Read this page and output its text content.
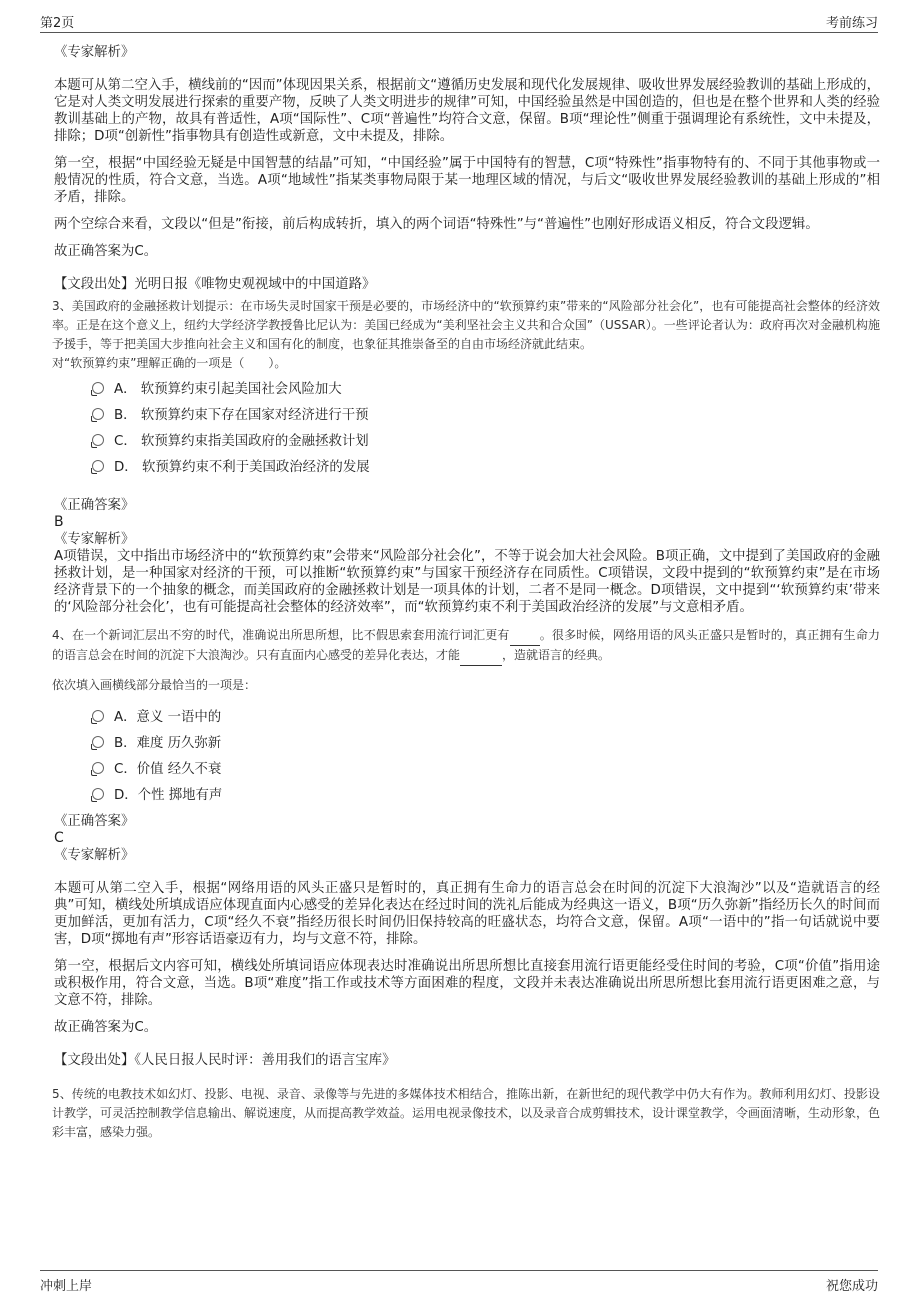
第2页	考前练习

《专家解析》

本题可从第二空入手，横线前的“因而”体现因果关系，根据前文“遵循历史发展和现代化发展规律、吸收世界发展经验教训的基础上形成的，它是对人类文明发展进行探索的重要产物，反映了人类文明进步的规律”可知，中国经验虽然是中国创造的，但也是在整个世界和人类的经验教训基础上的产物，故具有普适性，A项“国际性”、C项“普遍性”均符合文意，保留。B项“理论性”侧重于强调理论有系统性，文中未提及，排除；D项“创新性”指事物具有创造性或新意，文中未提及，排除。

第一空，根据“中国经验无疑是中国智慧的结晶”可知，“中国经验”属于中国特有的智慧，C项“特殊性”指事物特有的、不同于其他事物或一般情况的性质，符合文意，当选。A项“地域性”指某类事物局限于某一地理区域的情况，与后文“吸收世界发展经验教训的基础上形成的”相矛盾，排除。

两个空综合来看，文段以“但是”衔接，前后构成转折，填入的两个词语“特殊性”与“普遍性”也刚好形成语义相反，符合文段逻辑。

故正确答案为C。

【文段出处】光明日报《唯物史观视域中的中国道路》

3、美国政府的金融拯救计划提示：在市场失灵时国家干预是必要的，市场经济中的“软预算约束”带来的“风险部分社会化”，也有可能提高社会整体的经济效率。正是在这个意义上，纽约大学经济学教授鲁比尼认为：美国已经成为“美利坚社会主义共和合众国”（USSAR）。一些评论者认为：政府再次对金融机构施予援手，等于把美国大步推向社会主义和国有化的制度，也象征其推崇备至的自由市场经济就此结束。

对“软预算约束”理解正确的一项是（　　）。

A． 软预算约束引起美国社会风险加大
B． 软预算约束下存在国家对经济进行干预
C． 软预算约束指美国政府的金融拯救计划
D． 软预算约束不利于美国政治经济的发展

《正确答案》

B

《专家解析》

A项错误，文中指出市场经济中的“软预算约束”会带来“风险部分社会化”，不等于说会加大社会风险。B项正确，文中提到了美国政府的金融拯救计划，是一种国家对经济的干预，可以推断“软预算约束”与国家干预经济存在同质性。C项错误，文段中提到的“软预算约束”是在市场经济背景下的一个抽象的概念，而美国政府的金融拯救计划是一项具体的计划，二者不是同一概念。D项错误，文中提到“‘软预算约束’带来的‘风险部分社会化’，也有可能提高社会整体的经济效率”，而“软预算约束不利于美国政治经济的发展”与文意相矛盾。

4、在一个新词汇层出不穷的时代，准确说出所思所想，比不假思索套用流行词汇更有	。很多时候，网络用语的风头正盛只是暂时的，真正拥有生命力的语言总会在时间的沉淀下大浪淘沙。只有直面内心感受的差异化表达，才能	，造就语言的经典。

依次填入画横线部分最恰当的一项是：

A．意义 一语中的
B．难度 历久弥新
C．价值 经久不衰
D．个性 掷地有声

《正确答案》

C

《专家解析》

本题可从第二空入手，根据“网络用语的风头正盛只是暂时的，真正拥有生命力的语言总会在时间的沉淀下大浪淘沙”以及“造就语言的经典”可知，横线处所填成语应体现直面内心感受的差异化表达在经过时间的洗礼后能成为经典这一语义，B项“历久弥新”指经历长久的时间而更加鲜活，更加有活力，C项“经久不衰”指经历很长时间仍旧保持较高的旺盛状态，均符合文意，保留。A项“一语中的”指一句话就说中要害，D项“掷地有声”形容话语豪迈有力，均与文意不符，排除。

第一空，根据后文内容可知，横线处所填词语应体现表达时准确说出所思所想比直接套用流行语更能经受住时间的考验，C项“价值”指用途或积极作用，符合文意，当选。B项“难度”指工作或技术等方面困难的程度，文段并未表达准确说出所思所想比套用流行语更困难之意，与文意不符，排除。

故正确答案为C。

【文段出处】《人民日报人民时评：善用我们的语言宝库》

5、传统的电教技术如幻灯、投影、电视、录音、录像等与先进的多媒体技术相结合，推陈出新，在新世纪的现代教学中仍大有作为。教师利用幻灯、投影设计教学，可灵活控制教学信息输出、解说速度，从而提高教学效益。运用电视录像技术，以及录音合成剪辑技术，设计课堂教学，令画面清晰，生动形象，色彩丰富，感染力强。

冲刺上岸	祝您成功
